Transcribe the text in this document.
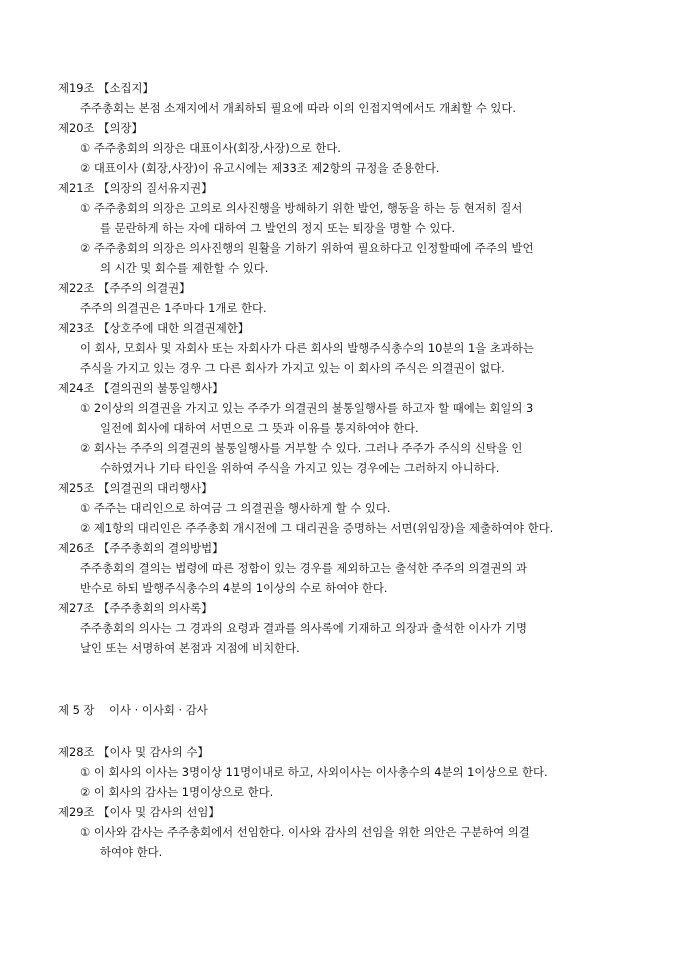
제19조 【소집지】
주주총회는 본점 소재지에서 개최하되 필요에 따라 이의 인접지역에서도 개최할 수 있다.
제20조 【의장】
① 주주총회의 의장은 대표이사(회장,사장)으로 한다.
② 대표이사 (회장,사장)이 유고시에는 제33조 제2항의 규정을 준용한다.
제21조 【의장의 질서유지권】
① 주주총회의 의장은 고의로 의사진행을 방해하기 위한 발언, 행동을 하는 등 현저히 질서
를 문란하게 하는 자에 대하여 그 발언의 정지 또는 퇴장을 명할 수 있다.
② 주주총회의 의장은 의사진행의 원활을 기하기 위하여 필요하다고 인정할때에 주주의 발언
의 시간 및 회수를 제한할 수 있다.
제22조 【주주의 의결권】
주주의 의결권은 1주마다 1개로 한다.
제23조 【상호주에 대한 의결권제한】
이 회사, 모회사 및 자회사 또는 자회사가 다른 회사의 발행주식총수의 10분의 1을 초과하는
주식을 가지고 있는 경우 그 다른 회사가 가지고 있는 이 회사의 주식은 의결권이 없다.
제24조 【결의권의 불통일행사】
① 2이상의 의결권을 가지고 있는 주주가 의결권의 불통일행사를 하고자 할 때에는 회일의 3
일전에 회사에 대하여 서면으로 그 뜻과 이유를 통지하여야 한다.
② 회사는 주주의 의결권의 불통일행사를 거부할 수 있다. 그러나 주주가 주식의 신탁을 인
수하였거나 기타 타인을 위하여 주식을 가지고 있는 경우에는 그러하지 아니하다.
제25조 【의결권의 대리행사】
① 주주는 대리인으로 하여금 그 의결권을 행사하게 할 수 있다.
② 제1항의 대리인은 주주총회 개시전에 그 대리권을 증명하는 서면(위임장)을 제출하여야 한다.
제26조 【주주총회의 결의방법】
주주총회의 결의는 법령에 따른 정함이 있는 경우를 제외하고는 출석한 주주의 의결권의 과
반수로 하되 발행주식총수의 4분의 1이상의 수로 하여야 한다.
제27조 【주주총회의 의사록】
주주총회의 의사는 그 경과의 요령과 결과를 의사록에 기재하고 의장과 출석한 이사가 기명
날인 또는 서명하여 본점과 지점에 비치한다.
제 5 장    이사 · 이사회 · 감사
제28조 【이사 및 감사의 수】
① 이 회사의 이사는 3명이상 11명이내로 하고, 사외이사는 이사총수의 4분의 1이상으로 한다.
② 이 회사의 감사는 1명이상으로 한다.
제29조 【이사 및 감사의 선임】
① 이사와 감사는 주주총회에서 선임한다. 이사와 감사의 선임을 위한 의안은 구분하여 의결
하여야 한다.
